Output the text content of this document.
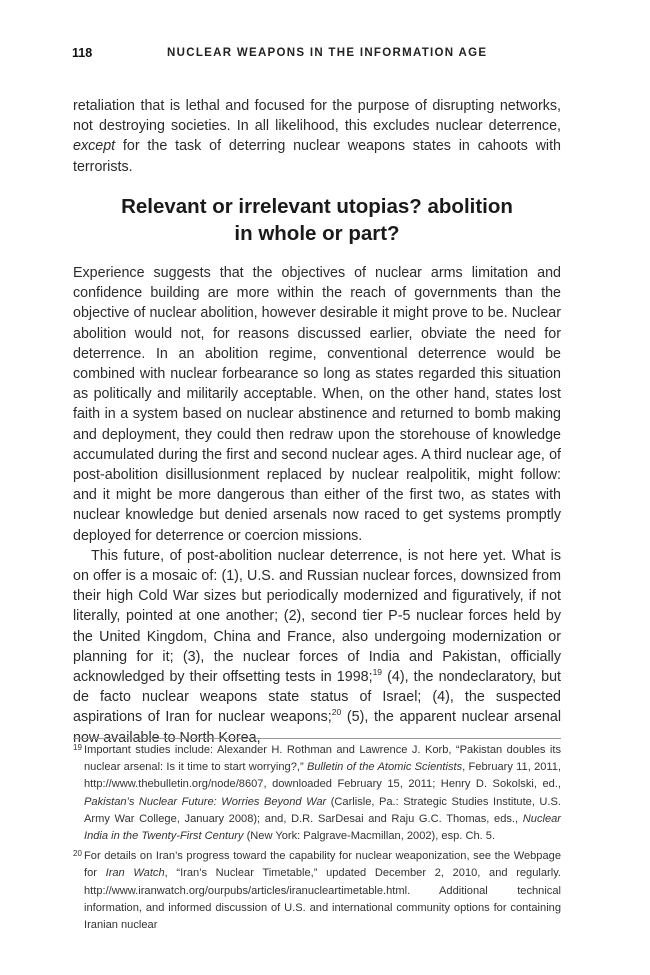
118	NUCLEAR WEAPONS IN THE INFORMATION AGE

retaliation that is lethal and focused for the purpose of disrupting networks, not destroying societies. In all likelihood, this excludes nuclear deterrence, except for the task of deterring nuclear weapons states in cahoots with terrorists.

Relevant or irrelevant utopias? abolition
in whole or part?

Experience suggests that the objectives of nuclear arms limitation and confidence building are more within the reach of governments than the objective of nuclear abolition, however desirable it might prove to be. Nuclear abolition would not, for reasons discussed earlier, obviate the need for deterrence. In an abolition regime, conventional deterrence would be combined with nuclear forbearance so long as states regarded this situation as politically and militarily acceptable. When, on the other hand, states lost faith in a system based on nuclear abstinence and returned to bomb making and deployment, they could then redraw upon the storehouse of knowledge accumulated during the first and second nuclear ages. A third nuclear age, of post-abolition disillusionment replaced by nuclear realpolitik, might follow: and it might be more dangerous than either of the first two, as states with nuclear knowledge but denied arsenals now raced to get systems promptly deployed for deterrence or coercion missions.

This future, of post-abolition nuclear deterrence, is not here yet. What is on offer is a mosaic of: (1), U.S. and Russian nuclear forces, downsized from their high Cold War sizes but periodically modernized and figuratively, if not literally, pointed at one another; (2), second tier P-5 nuclear forces held by the United Kingdom, China and France, also undergoing modernization or planning for it; (3), the nuclear forces of India and Pakistan, officially acknowledged by their offsetting tests in 1998;$^{19}$ (4), the nondeclaratory, but de facto nuclear weapons state status of Israel; (4), the suspected aspirations of Iran for nuclear weapons;$^{20}$ (5), the apparent nuclear arsenal now available to North Korea,

19 Important studies include: Alexander H. Rothman and Lawrence J. Korb, “Pakistan doubles its nuclear arsenal: Is it time to start worrying?,” Bulletin of the Atomic Scientists, February 11, 2011, http://www.thebulletin.org/node/8607, downloaded February 15, 2011; Henry D. Sokolski, ed., Pakistan’s Nuclear Future: Worries Beyond War (Carlisle, Pa.: Strategic Studies Institute, U.S. Army War College, January 2008); and, D.R. SarDesai and Raju G.C. Thomas, eds., Nuclear India in the Twenty-First Century (New York: Palgrave-Macmillan, 2002), esp. Ch. 5.

20 For details on Iran’s progress toward the capability for nuclear weaponization, see the Webpage for Iran Watch, “Iran’s Nuclear Timetable,” updated December 2, 2010, and regularly. http://www.iranwatch.org/ourpubs/articles/iranucleartimetable.html. Additional technical information, and informed discussion of U.S. and international community options for containing Iranian nuclear
